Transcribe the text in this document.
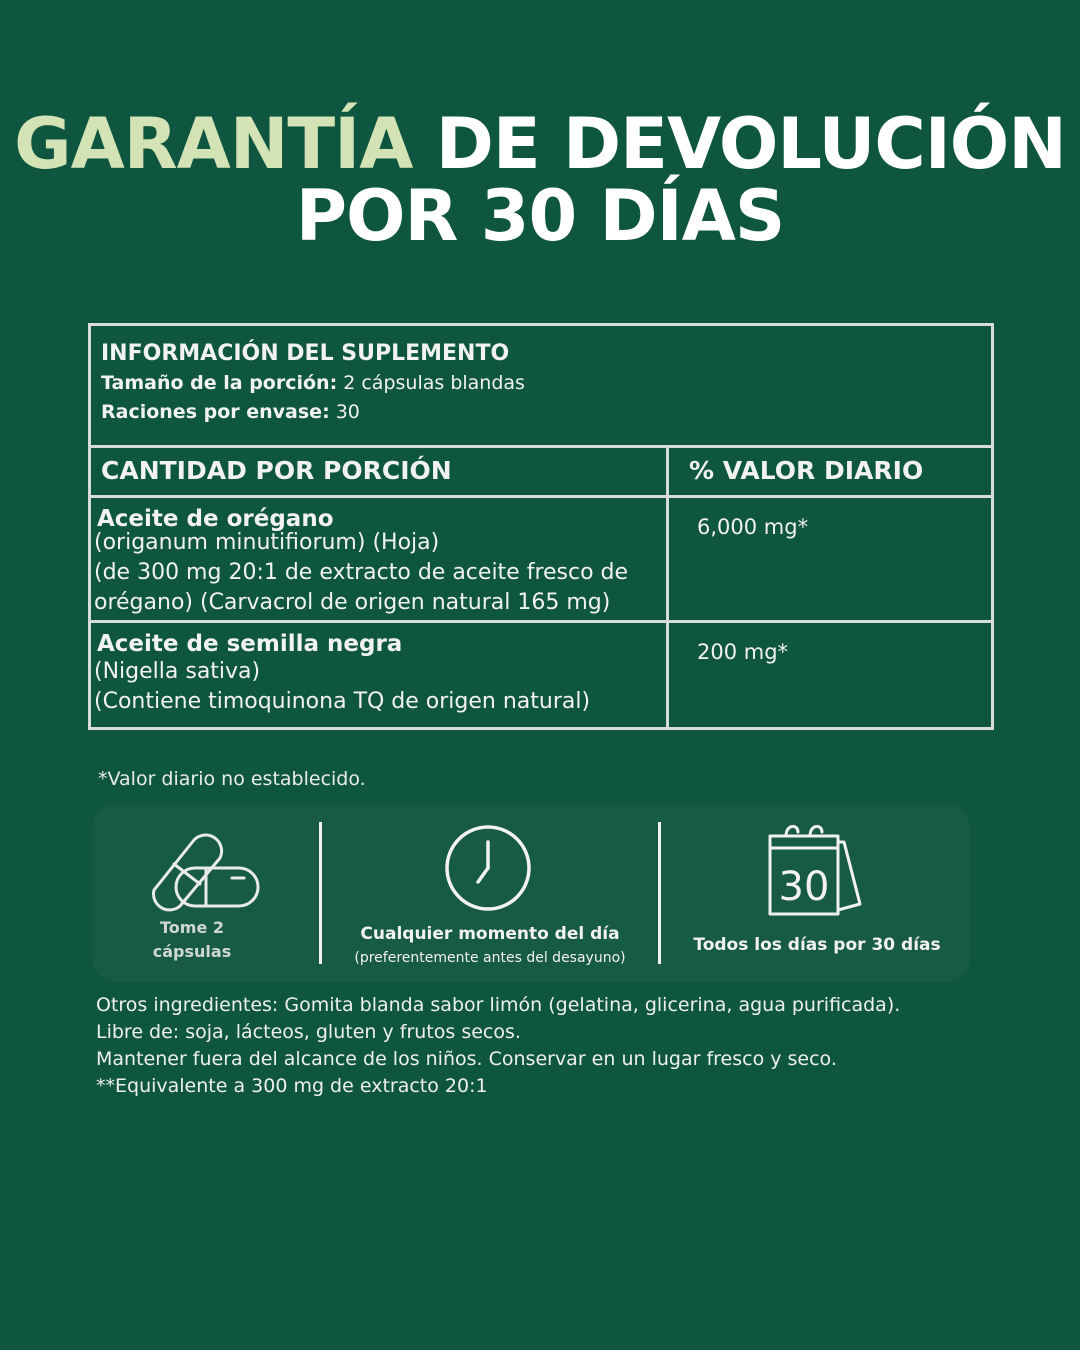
GARANTÍA DE DEVOLUCIÓN
POR 30 DÍAS
INFORMACIÓN DEL SUPLEMENTO
Tamaño de la porción: 2 cápsulas blandas
Raciones por envase: 30
CANTIDAD POR PORCIÓN	% VALOR DIARIO
Aceite de orégano
(origanum minutifiorum) (Hoja)
(de 300 mg 20:1 de extracto de aceite fresco de
orégano) (Carvacrol de origen natural 165 mg)
6,000 mg*
Aceite de semilla negra
(Nigella sativa)
(Contiene timoquinona TQ de origen natural)
200 mg*
*Valor diario no establecido.
Tome 2
cápsulas
Cualquier momento del día
(preferentemente antes del desayuno)
30
Todos los días por 30 días
Otros ingredientes: Gomita blanda sabor limón (gelatina, glicerina, agua purificada).
Libre de: soja, lácteos, gluten y frutos secos.
Mantener fuera del alcance de los niños. Conservar en un lugar fresco y seco.
**Equivalente a 300 mg de extracto 20:1
